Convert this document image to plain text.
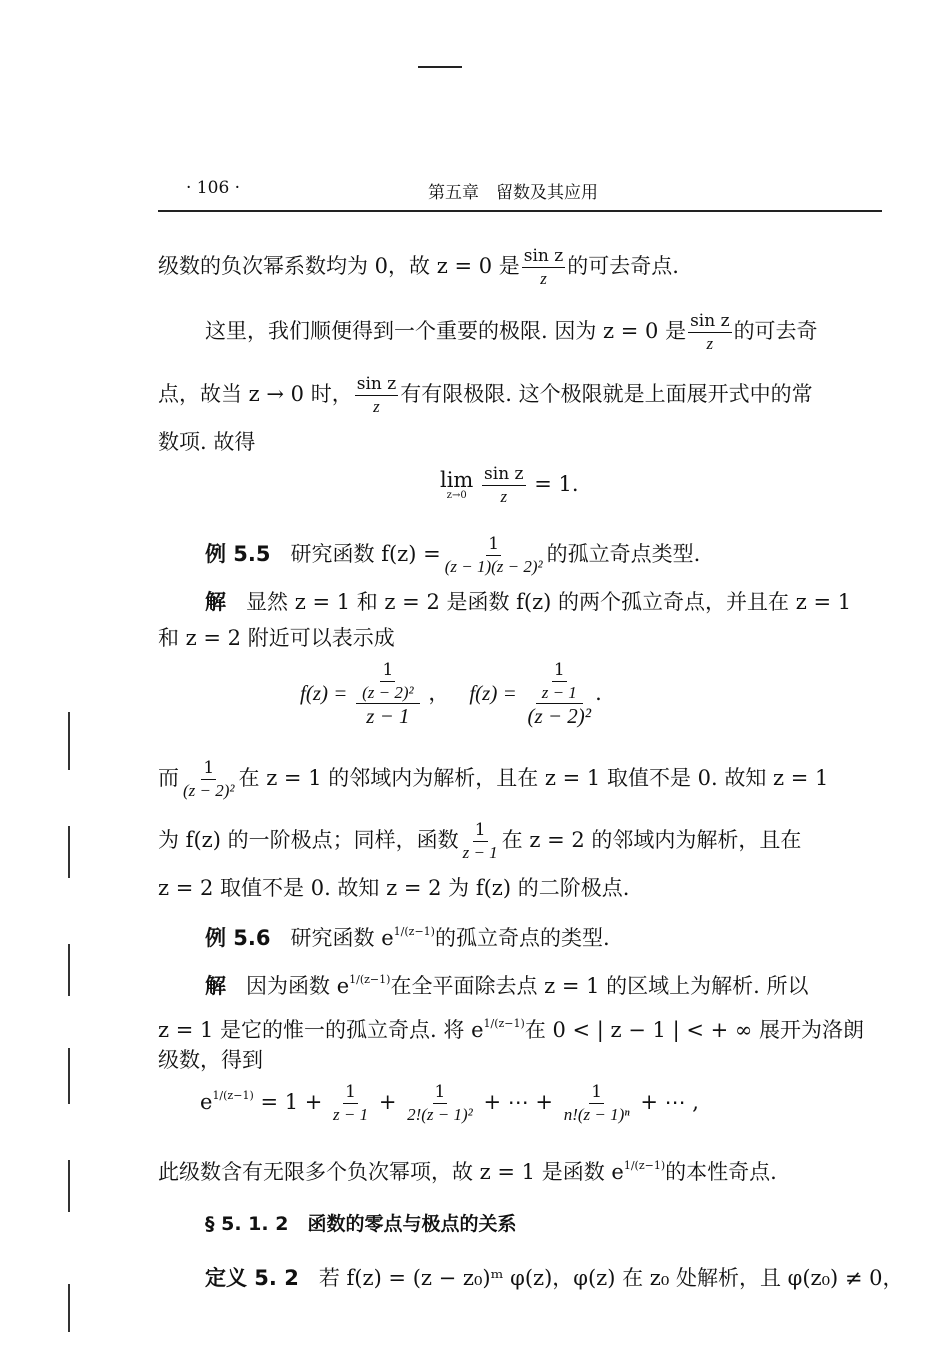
· 106 ·	第五章　留数及其应用
级数的负次幂系数均为 0，故 z = 0 是 $\frac{\text{sin z}}{z}$ 的可去奇点.
这里，我们顺便得到一个重要的极限. 因为 z = 0 是 $\frac{\text{sin z}}{z}$ 的可去奇
点，故当 z → 0 时， $\frac{\text{sin z}}{z}$ 有有限极限. 这个极限就是上面展开式中的常
数项. 故得
lim
z→0
$\frac{\text{sin z}}{z} = 1$.
例 5.5 研究函数 $f(z) = \frac{1}{\text{(z − 1)(z − 2)²}}$ 的孤立奇点类型.
解 显然 z = 1 和 z = 2 是函数 f(z) 的两个孤立奇点，并且在 z = 1
和 z = 2 附近可以表示成
$f(z) = \frac{\frac{1}{\text{(z − 2)²}}}{z - 1}$ ， $f(z) = \frac{\frac{1}{z - 1}}{\text{(z − 2)²}}$ .
而 $\frac{1}{\text{(z − 2)²}}$ 在 z = 1 的邻域内为解析，且在 z = 1 取值不是 0. 故知 z = 1
为 f(z) 的一阶极点；同样，函数 $\frac{1}{z - 1}$ 在 z = 2 的邻域内为解析，且在
z = 2 取值不是 0. 故知 z = 2 为 f(z) 的二阶极点.
例 5.6 研究函数 $e^{1/(z-1)}$的孤立奇点的类型.
解 因为函数 $e^{1/(z-1)}$在全平面除去点 z = 1 的区域上为解析. 所以
z = 1 是它的惟一的孤立奇点. 将 $e^{1/(z-1)}$在 0 < | z − 1 | < + ∞ 展开为洛朗
级数，得到
$e^{1/(z-1)} = 1 + \frac{1}{z - 1} + \frac{1}{\text{2!(z − 1)²}}$ + ⋯ + $\frac{1}{\text{n!(z − 1)ⁿ}}$ + ⋯ ,
此级数含有无限多个负次幂项，故 z = 1 是函数 $e^{1/(z-1)}$的本性奇点.
§ 5. 1. 2　函数的零点与极点的关系
定义 5. 2 若 f(z) = (z − z₀)ᵐ φ(z)，φ(z) 在 z₀ 处解析，且 φ(z₀) ≠ 0，
